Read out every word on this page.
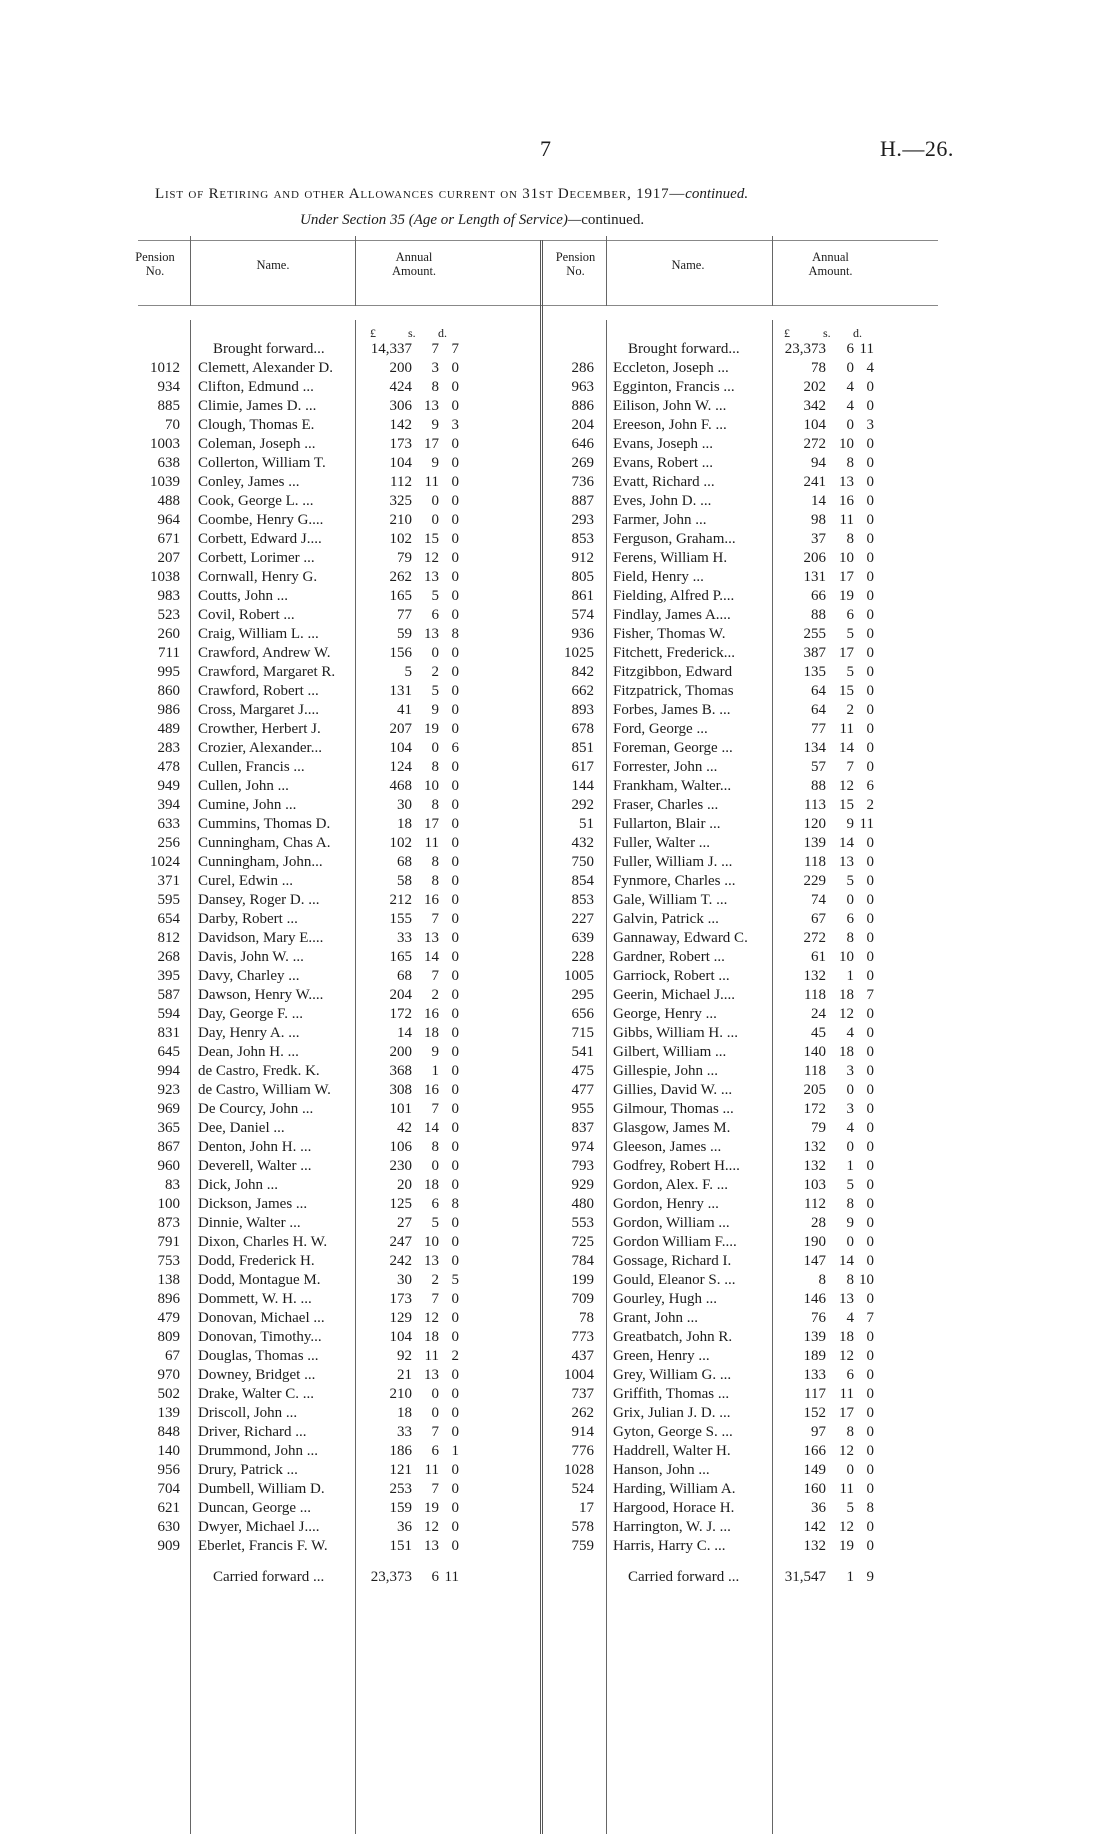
7	H.—26.
List of Retiring and other Allowances current on 31st December, 1917—continued.
Under Section 35 (Age or Length of Service)—continued.
Pension
No.	Name.
Annual
Amount.
Pension
No.	Name.
Annual
Amount.
£	s. d.	£	s. d.
Brought forward...	14,337	7 7
1012 Clemett, Alexander D.	200	3 0
934 Clifton, Edmund ...	424	8 0
885 Climie, James D. ...	306 13 0
70 Clough, Thomas E.	142	9 3
1003 Coleman, Joseph ...	173 17 0
638 Collerton, William T.	104	9 0
1039 Conley, James ...	112 11 0
488 Cook, George L. ...	325	0 0
964 Coombe, Henry G....	210	0 0
671 Corbett, Edward J....	102 15 0
207 Corbett, Lorimer ...	79 12 0
1038 Cornwall, Henry G.	262 13 0
983 Coutts, John ...	165	5 0
523 Covil, Robert ...	77	6 0
260 Craig, William L. ...	59 13 8
711 Crawford, Andrew W.	156	0 0
995 Crawford, Margaret R.	5	2 0
860 Crawford, Robert ...	131	5 0
986 Cross, Margaret J....	41	9 0
489 Crowther, Herbert J.	207 19 0
283 Crozier, Alexander...	104	0 6
478 Cullen, Francis ...	124	8 0
949 Cullen, John ...	468 10 0
394 Cumine, John ...	30	8 0
633 Cummins, Thomas D.	18 17 0
256 Cunningham, Chas A.	102 11 0
1024 Cunningham, John...	68	8 0
371 Curel, Edwin ...	58	8 0
595 Dansey, Roger D. ...	212 16 0
654 Darby, Robert ...	155	7 0
812 Davidson, Mary E....	33 13 0
268 Davis, John W. ...	165 14 0
395 Davy, Charley ...	68	7 0
587 Dawson, Henry W....	204	2 0
594 Day, George F. ...	172 16 0
831 Day, Henry A. ...	14 18 0
645 Dean, John H. ...	200	9 0
994 de Castro, Fredk. K.	368	1 0
923 de Castro, William W.	308 16 0
969 De Courcy, John ...	101	7 0
365 Dee, Daniel ...	42 14 0
867 Denton, John H. ...	106	8 0
960 Deverell, Walter ...	230	0 0
83 Dick, John ...	20 18 0
100 Dickson, James ...	125	6 8
873 Dinnie, Walter ...	27	5 0
791 Dixon, Charles H. W.	247 10 0
753 Dodd, Frederick H.	242 13 0
138 Dodd, Montague M.	30	2 5
896 Dommett, W. H. ...	173	7 0
479 Donovan, Michael ...	129 12 0
809 Donovan, Timothy...	104 18 0
67 Douglas, Thomas ...	92 11 2
970 Downey, Bridget ...	21 13 0
502 Drake, Walter C. ...	210	0 0
139 Driscoll, John ...	18	0 0
848 Driver, Richard ...	33	7 0
140 Drummond, John ...	186	6 1
956 Drury, Patrick ...	121 11 0
704 Dumbell, William D.	253	7 0
621 Duncan, George ...	159 19 0
630 Dwyer, Michael J....	36 12 0
909 Eberlet, Francis F. W.	151 13 0
Carried forward ...	23,373	6 11
Brought forward...	23,373	6 11
286 Eccleton, Joseph ...	78	0 4
963 Egginton, Francis ...	202	4 0
886 Eilison, John W. ...	342	4 0
204 Ereeson, John F. ...	104	0 3
646 Evans, Joseph ...	272 10 0
269 Evans, Robert ...	94	8 0
736 Evatt, Richard ...	241 13 0
887 Eves, John D. ...	14 16 0
293 Farmer, John ...	98 11 0
853 Ferguson, Graham...	37	8 0
912 Ferens, William H.	206 10 0
805 Field, Henry ...	131 17 0
861 Fielding, Alfred P....	66 19 0
574 Findlay, James A....	88	6 0
936 Fisher, Thomas W.	255	5 0
1025 Fitchett, Frederick...	387 17 0
842 Fitzgibbon, Edward	135	5 0
662 Fitzpatrick, Thomas	64 15 0
893 Forbes, James B. ...	64	2 0
678 Ford, George ...	77 11 0
851 Foreman, George ...	134 14 0
617 Forrester, John ...	57	7 0
144 Frankham, Walter...	88 12 6
292 Fraser, Charles ...	113 15 2
51 Fullarton, Blair ...	120	9 11
432 Fuller, Walter ...	139 14 0
750 Fuller, William J. ...	118 13 0
854 Fynmore, Charles ...	229	5 0
853 Gale, William T. ...	74	0 0
227 Galvin, Patrick ...	67	6 0
639 Gannaway, Edward C.	272	8 0
228 Gardner, Robert ...	61 10 0
1005 Garriock, Robert ...	132	1 0
295 Geerin, Michael J....	118 18 7
656 George, Henry ...	24 12 0
715 Gibbs, William H. ...	45	4 0
541 Gilbert, William ...	140 18 0
475 Gillespie, John ...	118	3 0
477 Gillies, David W. ...	205	0 0
955 Gilmour, Thomas ...	172	3 0
837 Glasgow, James M.	79	4 0
974 Gleeson, James ...	132	0 0
793 Godfrey, Robert H....	132	1 0
929 Gordon, Alex. F. ...	103	5 0
480 Gordon, Henry ...	112	8 0
553 Gordon, William ...	28	9 0
725 Gordon William F....	190	0 0
784 Gossage, Richard I.	147 14 0
199 Gould, Eleanor S. ...	8	8 10
709 Gourley, Hugh ...	146 13 0
78 Grant, John ...	76	4 7
773 Greatbatch, John R.	139 18 0
437 Green, Henry ...	189 12 0
1004 Grey, William G. ...	133	6 0
737 Griffith, Thomas ...	117 11 0
262 Grix, Julian J. D. ...	152 17 0
914 Gyton, George S. ...	97	8 0
776 Haddrell, Walter H.	166 12 0
1028 Hanson, John ...	149	0 0
524 Harding, William A.	160 11 0
17 Hargood, Horace H.	36	5 8
578 Harrington, W. J. ...	142 12 0
759 Harris, Harry C. ...	132 19 0
Carried forward ...	31,547	1 9
